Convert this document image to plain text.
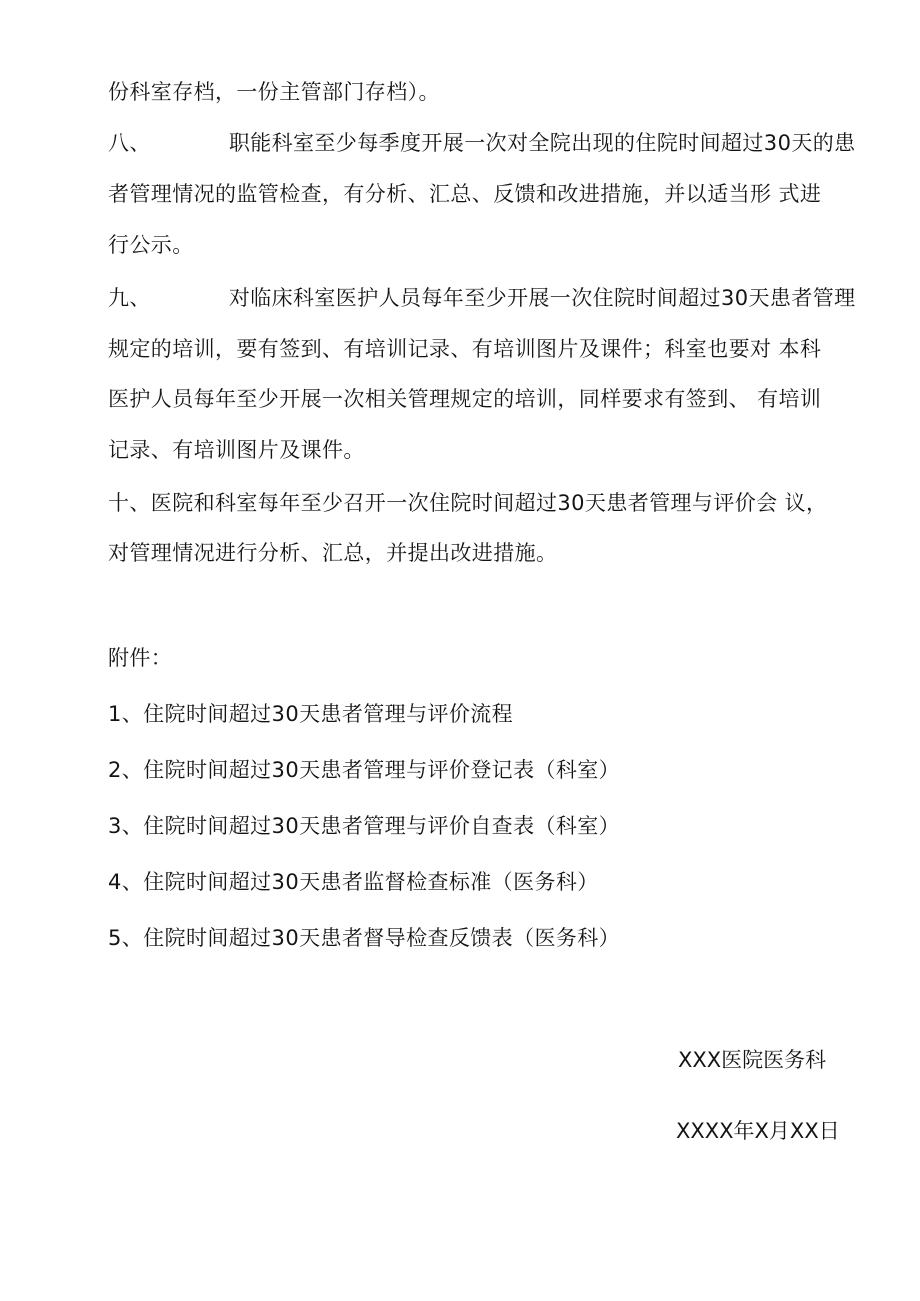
份科室存档，一份主管部门存档）。
八、	职能科室至少每季度开展一次对全院出现的住院时间超过30天的患
者管理情况的监管检查，有分析、汇总、反馈和改进措施，并以适当形 式进
行公示。
九、	对临床科室医护人员每年至少开展一次住院时间超过30天患者管理
规定的培训，要有签到、有培训记录、有培训图片及课件；科室也要对 本科
医护人员每年至少开展一次相关管理规定的培训，同样要求有签到、 有培训
记录、有培训图片及课件。
十、医院和科室每年至少召开一次住院时间超过30天患者管理与评价会 议，
对管理情况进行分析、汇总，并提出改进措施。
附件：
1、住院时间超过30天患者管理与评价流程
2、住院时间超过30天患者管理与评价登记表（科室）
3、住院时间超过30天患者管理与评价自查表（科室）
4、住院时间超过30天患者监督检查标准（医务科）
5、住院时间超过30天患者督导检查反馈表（医务科）
XXX医院医务科
XXXX年X月XX日
